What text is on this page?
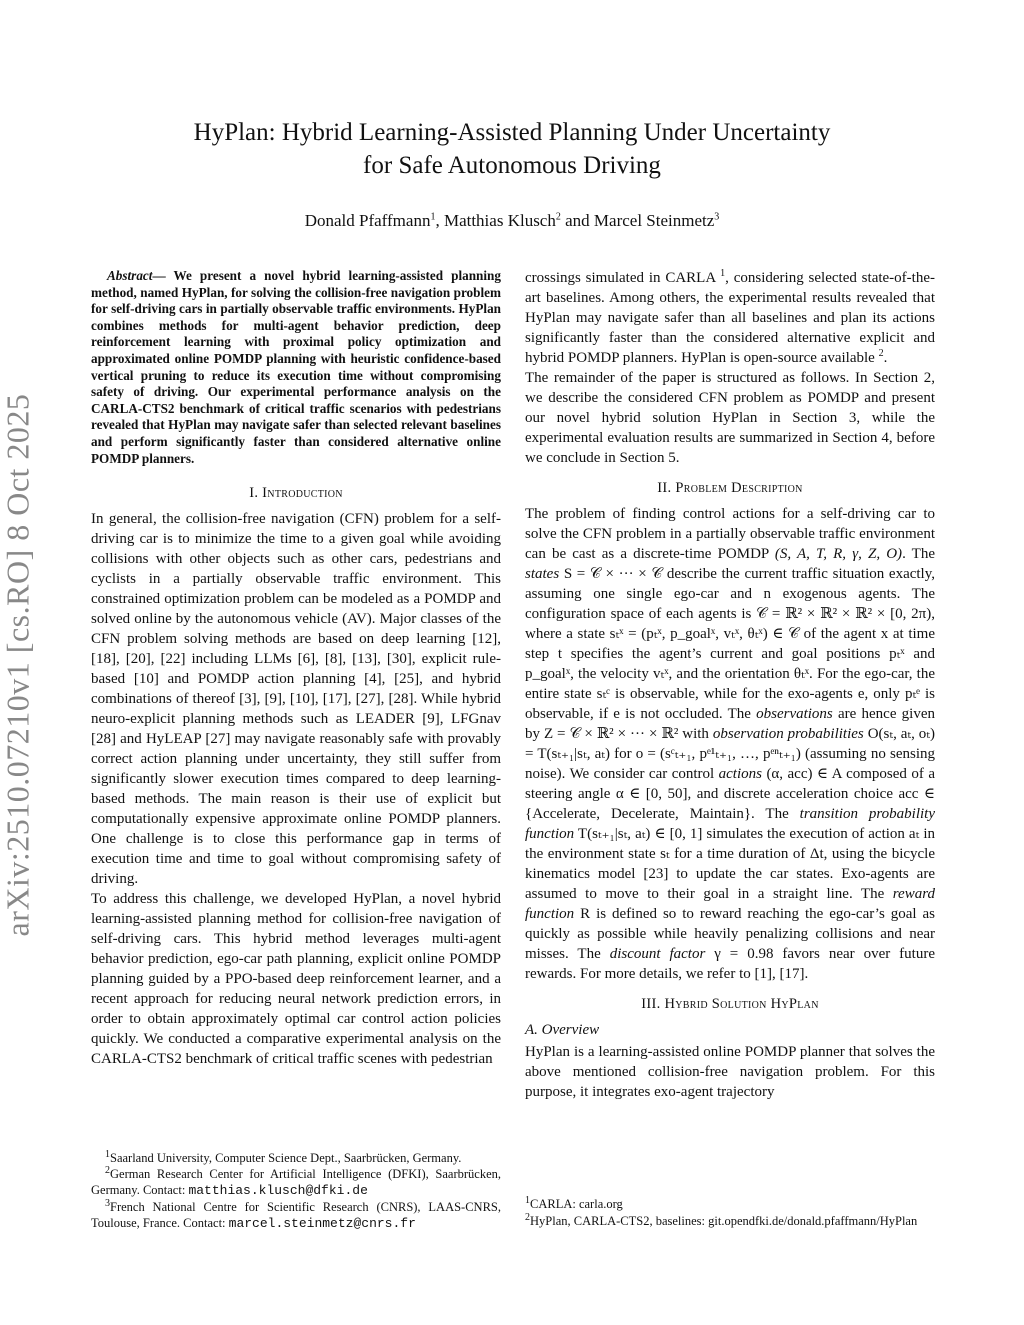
arXiv:2510.07210v1 [cs.RO] 8 Oct 2025
HyPlan: Hybrid Learning-Assisted Planning Under Uncertainty
for Safe Autonomous Driving
Donald Pfaffmann$^1$, Matthias Klusch$^2$ and Marcel Steinmetz$^3$

Abstract— We present a novel hybrid learning-assisted planning method, named HyPlan, for solving the collision-free navigation problem for self-driving cars in partially observable traffic environments. HyPlan combines methods for multi-agent behavior prediction, deep reinforcement learning with proximal policy optimization and approximated online POMDP planning with heuristic confidence-based vertical pruning to reduce its execution time without compromising safety of driving. Our experimental performance analysis on the CARLA-CTS2 benchmark of critical traffic scenarios with pedestrians revealed that HyPlan may navigate safer than selected relevant baselines and perform significantly faster than considered alternative online POMDP planners.

I. Introduction

In general, the collision-free navigation (CFN) problem for a self-driving car is to minimize the time to a given goal while avoiding collisions with other objects such as other cars, pedestrians and cyclists in a partially observable traffic environment. This constrained optimization problem can be modeled as a POMDP and solved online by the autonomous vehicle (AV). Major classes of the CFN problem solving methods are based on deep learning [12], [18], [20], [22] including LLMs [6], [8], [13], [30], explicit rule-based [10] and POMDP action planning [4], [25], and hybrid combinations of thereof [3], [9], [10], [17], [27], [28]. While hybrid neuro-explicit planning methods such as LEADER [9], LFGnav [28] and HyLEAP [27] may navigate reasonably safe with provably correct action planning under uncertainty, they still suffer from significantly slower execution times compared to deep learning-based methods. The main reason is their use of explicit but computationally expensive approximate online POMDP planners. One challenge is to close this performance gap in terms of execution time and time to goal without compromising safety of driving.

To address this challenge, we developed HyPlan, a novel hybrid learning-assisted planning method for collision-free navigation of self-driving cars. This hybrid method leverages multi-agent behavior prediction, ego-car path planning, explicit online POMDP planning guided by a PPO-based deep reinforcement learner, and a recent approach for reducing neural network prediction errors, in order to obtain approximately optimal car control action policies quickly. We conducted a comparative experimental analysis on the CARLA-CTS2 benchmark of critical traffic scenes with pedestrian

crossings simulated in CARLA $^1$, considering selected state-of-the-art baselines. Among others, the experimental results revealed that HyPlan may navigate safer than all baselines and plan its actions significantly faster than the considered alternative explicit and hybrid POMDP planners. HyPlan is open-source available $^2$.

The remainder of the paper is structured as follows. In Section 2, we describe the considered CFN problem as POMDP and present our novel hybrid solution HyPlan in Section 3, while the experimental evaluation results are summarized in Section 4, before we conclude in Section 5.

II. Problem Description

The problem of finding control actions for a self-driving car to solve the CFN problem in a partially observable traffic environment can be cast as a discrete-time POMDP (S, A, T, R, γ, Z, O). The states S = 𝒞 × ··· × 𝒞 describe the current traffic situation exactly, assuming one single ego-car and n exogenous agents. The configuration space of each agents is 𝒞 = ℝ² × ℝ² × ℝ² × [0, 2π), where a state sₜˣ = (pₜˣ, p_goalˣ, vₜˣ, θₜˣ) ∈ 𝒞 of the agent x at time step t specifies the agent’s current and goal positions pₜˣ and p_goalˣ, the velocity vₜˣ, and the orientation θₜˣ. For the ego-car, the entire state sₜᶜ is observable, while for the exo-agents e, only pₜᵉ is observable, if e is not occluded. The observations are hence given by Z = 𝒞 × ℝ² × ··· × ℝ² with observation probabilities O(sₜ, aₜ, oₜ) = T(sₜ₊₁|sₜ, aₜ) for o = (sᶜₜ₊₁, pᵉ¹ₜ₊₁, …, pᵉⁿₜ₊₁) (assuming no sensing noise). We consider car control actions (α, acc) ∈ A composed of a steering angle α ∈ [0, 50], and discrete acceleration choice acc ∈ {Accelerate, Decelerate, Maintain}. The transition probability function T(sₜ₊₁|sₜ, aₜ) ∈ [0, 1] simulates the execution of action aₜ in the environment state sₜ for a time duration of Δt, using the bicycle kinematics model [23] to update the car states. Exo-agents are assumed to move to their goal in a straight line. The reward function R is defined so to reward reaching the ego-car’s goal as quickly as possible while heavily penalizing collisions and near misses. The discount factor γ = 0.98 favors near over future rewards. For more details, we refer to [1], [17].

III. Hybrid Solution HyPlan
A. Overview

HyPlan is a learning-assisted online POMDP planner that solves the above mentioned collision-free navigation problem. For this purpose, it integrates exo-agent trajectory

$^1$Saarland University, Computer Science Dept., Saarbrücken, Germany.

$^2$German Research Center for Artificial Intelligence (DFKI), Saarbrücken, Germany. Contact: matthias.klusch@dfki.de

$^3$French National Centre for Scientific Research (CNRS), LAAS-CNRS, Toulouse, France. Contact: marcel.steinmetz@cnrs.fr

$^1$CARLA: carla.org

$^2$HyPlan, CARLA-CTS2, baselines: git.opendfki.de/donald.pfaffmann/HyPlan
